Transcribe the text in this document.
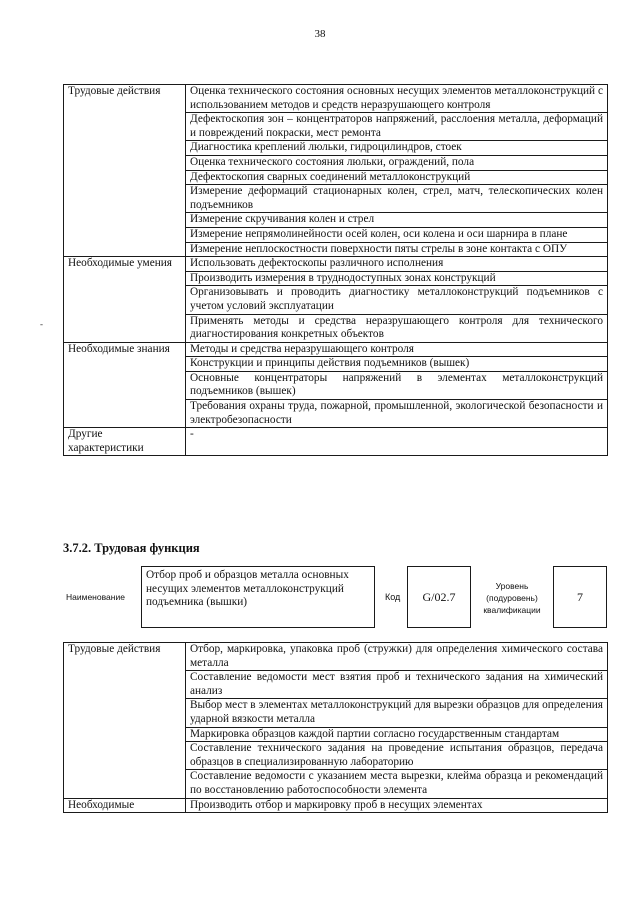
38
-
Трудовые действия	Оценка технического состояния основных несущих элементов металлоконструкций с использованием методов и средств неразрушающего контроля
	Дефектоскопия зон – концентраторов напряжений, расслоения металла, деформаций и повреждений покраски, мест ремонта
	Диагностика креплений люльки, гидроцилиндров, стоек
	Оценка технического состояния люльки, ограждений, пола
	Дефектоскопия сварных соединений металлоконструкций
	Измерение деформаций стационарных колен, стрел, матч, телескопических колен подъемников
	Измерение скручивания колен и стрел
	Измерение непрямолинейности осей колен, оси колена и оси шарнира в плане
	Измерение неплоскостности поверхности пяты стрелы в зоне контакта с ОПУ
Необходимые умения	Использовать дефектоскопы различного исполнения
	Производить измерения в труднодоступных зонах конструкций
	Организовывать и проводить диагностику металлоконструкций подъемников с учетом условий эксплуатации
	Применять методы и средства неразрушающего контроля для технического диагностирования конкретных объектов
Необходимые знания	Методы и средства неразрушающего контроля
	Конструкции и принципы действия подъемников (вышек)
	Основные концентраторы напряжений в элементах металлоконструкций подъемников (вышек)
	Требования охраны труда, пожарной, промышленной, экологической безопасности и электробезопасности
Другие характеристики	-
3.7.2. Трудовая функция
Наименование
Отбор проб и образцов металла основных несущих элементов металлоконструкций подъемника (вышки)	Код	G/02.7
Уровень (подуровень) квалификации
7
Трудовые действия	Отбор, маркировка, упаковка проб (стружки) для определения химического состава металла
	Составление ведомости мест взятия проб и технического задания на химический анализ
	Выбор мест в элементах металлоконструкций для вырезки образцов для определения ударной вязкости металла
	Маркировка образцов каждой партии согласно государственным стандартам
	Составление технического задания на проведение испытания образцов, передача образцов в специализированную лабораторию
	Составление ведомости с указанием места вырезки, клейма образца и рекомендаций по восстановлению работоспособности элемента
Необходимые	Производить отбор и маркировку проб в несущих элементах
